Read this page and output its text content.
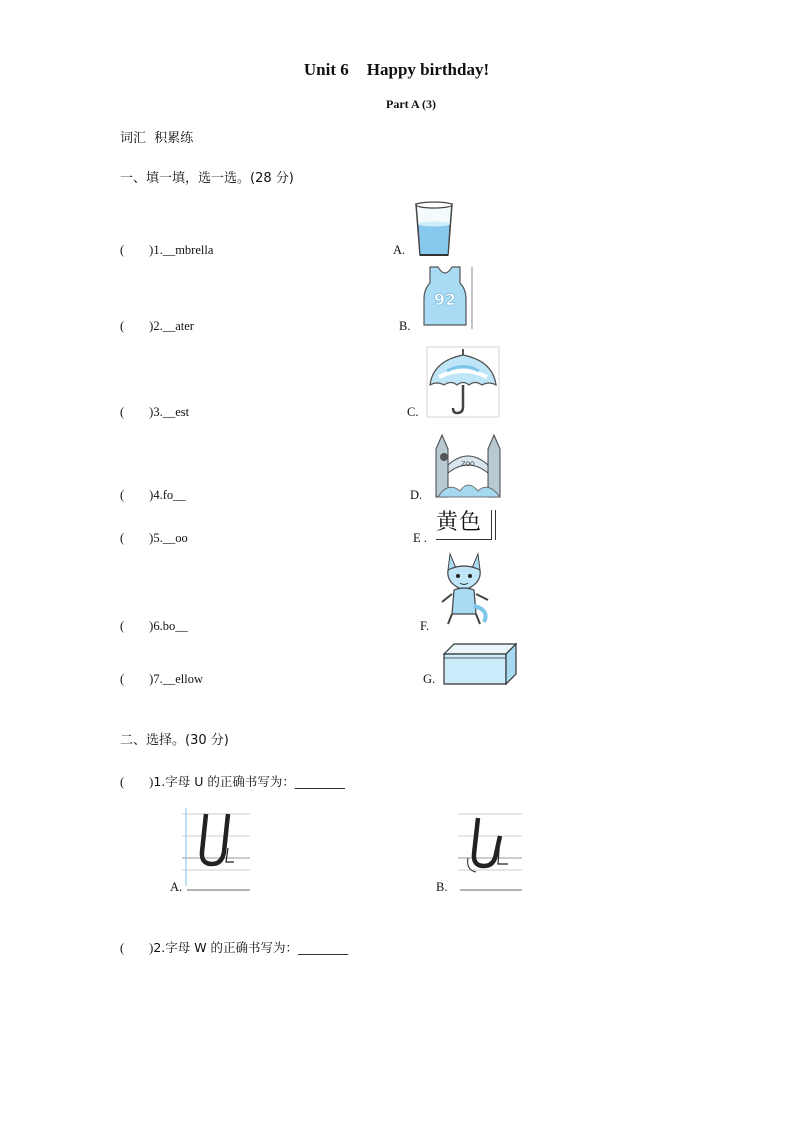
Unit 6 Happy birthday!
Part A (3)
词汇  积累练
一、填一填，选一选。(28 分)
(        )1.__mbrella
(        )2.__ater
(        )3.__est
(        )4.fo__
(        )5.__oo
(        )6.bo__
(        )7.__ellow
A.
B.
C.
D.
E .
F.
G.
92
ZOO
黄色
二、选择。(30 分)
(        )1.字母 U 的正确书写为：________
A.	B.
(        )2.字母 W 的正确书写为：________
